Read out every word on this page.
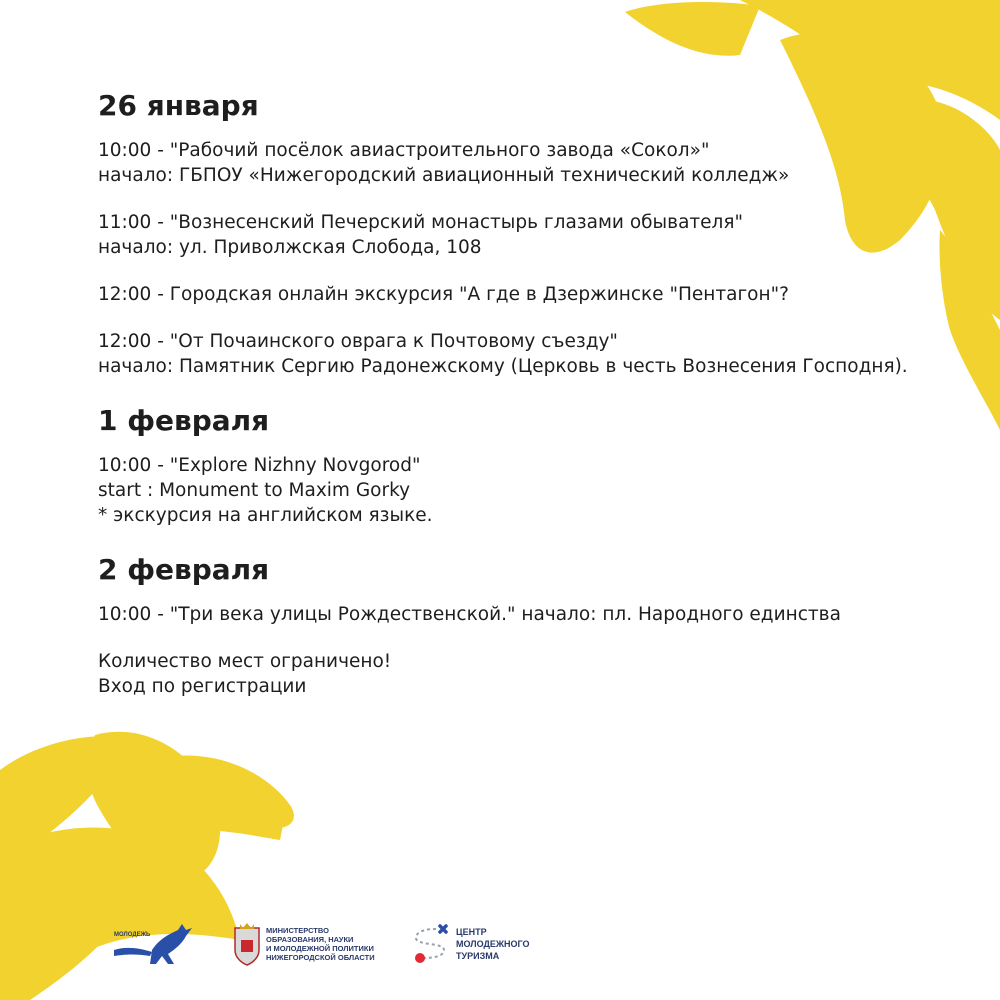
26 января
10:00 - "Рабочий посёлок авиастроительного завода «Сокол»"
начало: ГБПОУ «Нижегородский авиационный технический колледж»
11:00 - "Вознесенский Печерский монастырь глазами обывателя"
начало: ул. Приволжская Слобода, 108
12:00 - Городская онлайн экскурсия "А где в Дзержинске "Пентагон"?
12:00 - "От Почаинского оврага к Почтовому съезду"
начало: Памятник Сергию Радонежскому (Церковь в честь Вознесения Господня).
1 февраля
10:00 - "Explore Nizhny Novgorod"
start : Monument to Maxim Gorky
* экскурсия на английском языке.
2 февраля
10:00 - "Три века улицы Рождественской." начало: пл. Народного единства
Количество мест ограничено!
Вход по регистрации
МОЛОДЕЖЬ	МИНИСТЕРСТВО
ОБРАЗОВАНИЯ, НАУКИ
И МОЛОДЕЖНОЙ ПОЛИТИКИ
НИЖЕГОРОДСКОЙ ОБЛАСТИ
ЦЕНТР
МОЛОДЕЖНОГО
ТУРИЗМА
